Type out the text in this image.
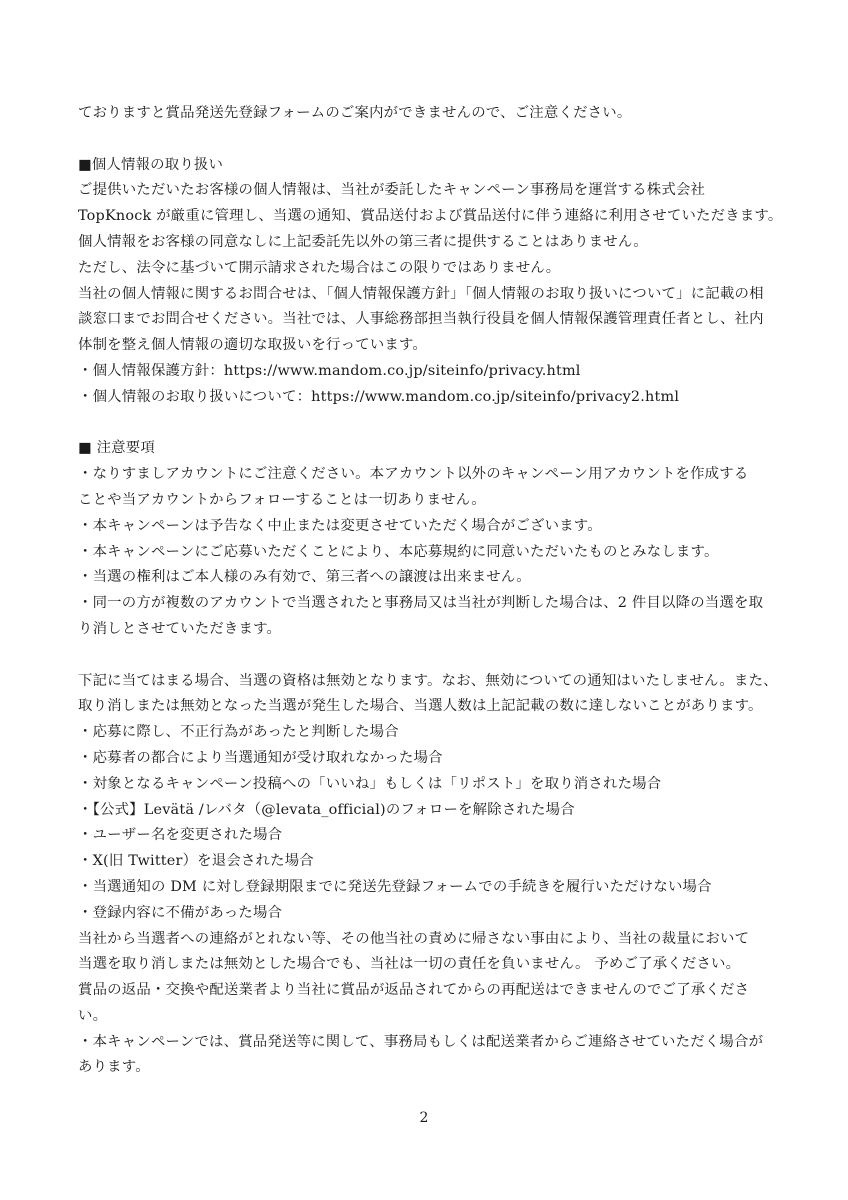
ておりますと賞品発送先登録フォームのご案内ができませんので、ご注意ください。
■個人情報の取り扱い
ご提供いただいたお客様の個人情報は、当社が委託したキャンペーン事務局を運営する株式会社
TopKnock が厳重に管理し、当選の通知、賞品送付および賞品送付に伴う連絡に利用させていただきます。
個人情報をお客様の同意なしに上記委託先以外の第三者に提供することはありません。
ただし、法令に基づいて開示請求された場合はこの限りではありません。
当社の個人情報に関するお問合せは、「個人情報保護方針」「個人情報のお取り扱いについて」に記載の相
談窓口までお問合せください。当社では、人事総務部担当執行役員を個人情報保護管理責任者とし、社内
体制を整え個人情報の適切な取扱いを行っています。
・個人情報保護方針：https://www.mandom.co.jp/siteinfo/privacy.html
・個人情報のお取り扱いについて：https://www.mandom.co.jp/siteinfo/privacy2.html
■ 注意要項
・なりすましアカウントにご注意ください。本アカウント以外のキャンペーン用アカウントを作成する
ことや当アカウントからフォローすることは一切ありません。
・本キャンペーンは予告なく中止または変更させていただく場合がございます。
・本キャンペーンにご応募いただくことにより、本応募規約に同意いただいたものとみなします。
・当選の権利はご本人様のみ有効で、第三者への譲渡は出来ません。
・同一の方が複数のアカウントで当選されたと事務局又は当社が判断した場合は、2 件目以降の当選を取
り消しとさせていただきます。
下記に当てはまる場合、当選の資格は無効となります。なお、無効についての通知はいたしません。また、
取り消しまたは無効となった当選が発生した場合、当選人数は上記記載の数に達しないことがあります。
・応募に際し、不正行為があったと判断した場合
・応募者の都合により当選通知が受け取れなかった場合
・対象となるキャンペーン投稿への「いいね」もしくは「リポスト」を取り消された場合
・【公式】Levätä /レバタ（@levata_official)のフォローを解除された場合
・ユーザー名を変更された場合
・X(旧 Twitter）を退会された場合
・当選通知の DM に対し登録期限までに発送先登録フォームでの手続きを履行いただけない場合
・登録内容に不備があった場合
当社から当選者への連絡がとれない等、その他当社の責めに帰さない事由により、当社の裁量において
当選を取り消しまたは無効とした場合でも、当社は一切の責任を負いません。 予めご了承ください。
賞品の返品・交換や配送業者より当社に賞品が返品されてからの再配送はできませんのでご了承くださ
い。
・本キャンペーンでは、賞品発送等に関して、事務局もしくは配送業者からご連絡させていただく場合が
あります。
2
